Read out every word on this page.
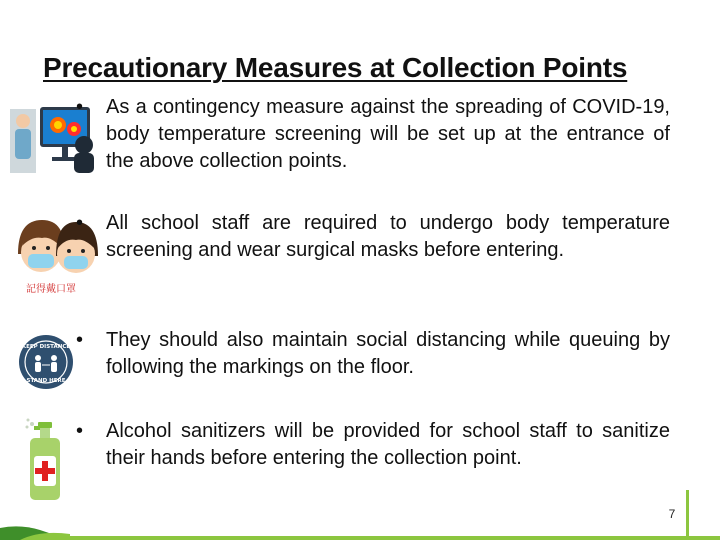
Precautionary Measures at Collection Points
記得戴口罩
KEEP DISTANCE
STAND HERE
•	As a contingency measure against the spreading of COVID-19, body temperature screening will be set up at the entrance of the above collection points.
•	All school staff are required to undergo body temperature screening and wear surgical masks before entering.
•	They should also maintain social distancing while queuing by following the markings on the floor.
•	Alcohol sanitizers will be provided for school staff to sanitize their hands before entering the collection point.
7
